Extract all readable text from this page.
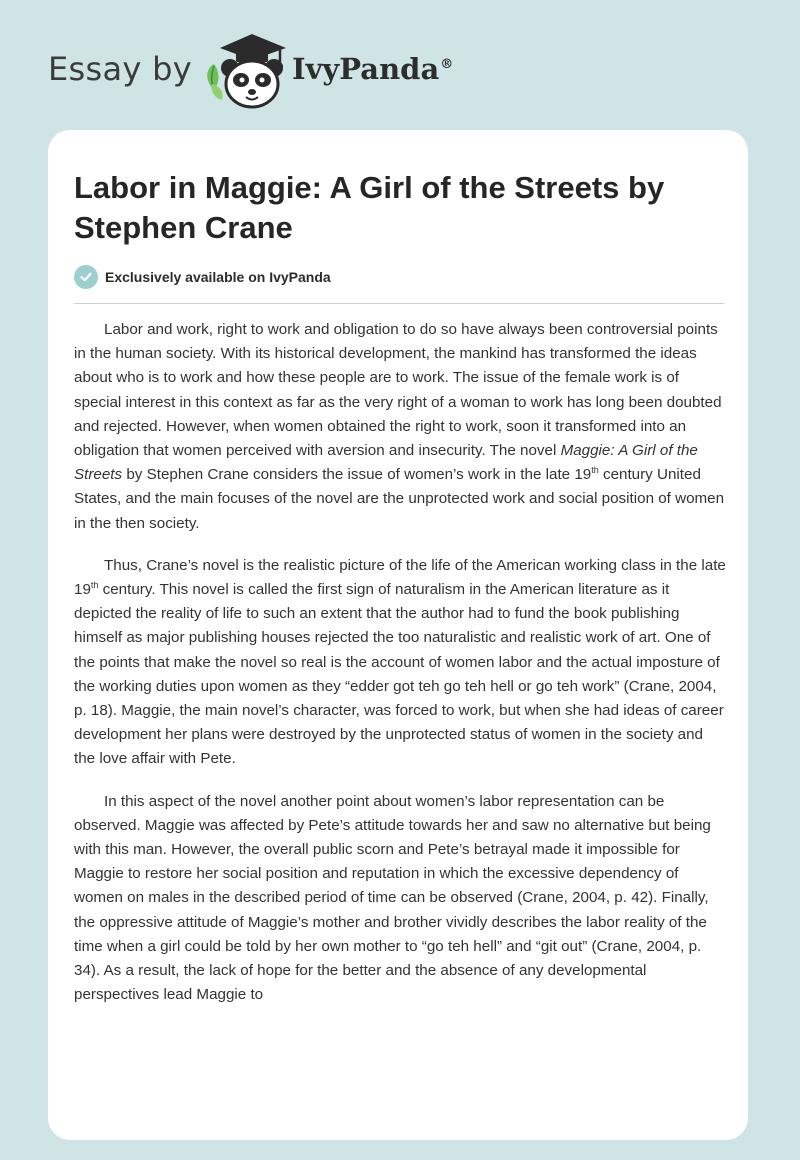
Essay by	IvyPanda®
Labor in Maggie: A Girl of the Streets by Stephen Crane
Exclusively available on IvyPanda

Labor and work, right to work and obligation to do so have always been controversial points in the human society. With its historical development, the mankind has transformed the ideas about who is to work and how these people are to work. The issue of the female work is of special interest in this context as far as the very right of a woman to work has long been doubted and rejected. However, when women obtained the right to work, soon it transformed into an obligation that women perceived with aversion and insecurity. The novel Maggie: A Girl of the Streets by Stephen Crane considers the issue of women’s work in the late 19th century United States, and the main focuses of the novel are the unprotected work and social position of women in the then society.

Thus, Crane’s novel is the realistic picture of the life of the American working class in the late 19th century. This novel is called the first sign of naturalism in the American literature as it depicted the reality of life to such an extent that the author had to fund the book publishing himself as major publishing houses rejected the too naturalistic and realistic work of art. One of the points that make the novel so real is the account of women labor and the actual imposture of the working duties upon women as they “edder got teh go teh hell or go teh work” (Crane, 2004, p. 18). Maggie, the main novel’s character, was forced to work, but when she had ideas of career development her plans were destroyed by the unprotected status of women in the society and the love affair with Pete.

In this aspect of the novel another point about women’s labor representation can be observed. Maggie was affected by Pete’s attitude towards her and saw no alternative but being with this man. However, the overall public scorn and Pete’s betrayal made it impossible for Maggie to restore her social position and reputation in which the excessive dependency of women on males in the described period of time can be observed (Crane, 2004, p. 42). Finally, the oppressive attitude of Maggie’s mother and brother vividly describes the labor reality of the time when a girl could be told by her own mother to “go teh hell” and “git out” (Crane, 2004, p. 34). As a result, the lack of hope for the better and the absence of any developmental perspectives lead Maggie to
